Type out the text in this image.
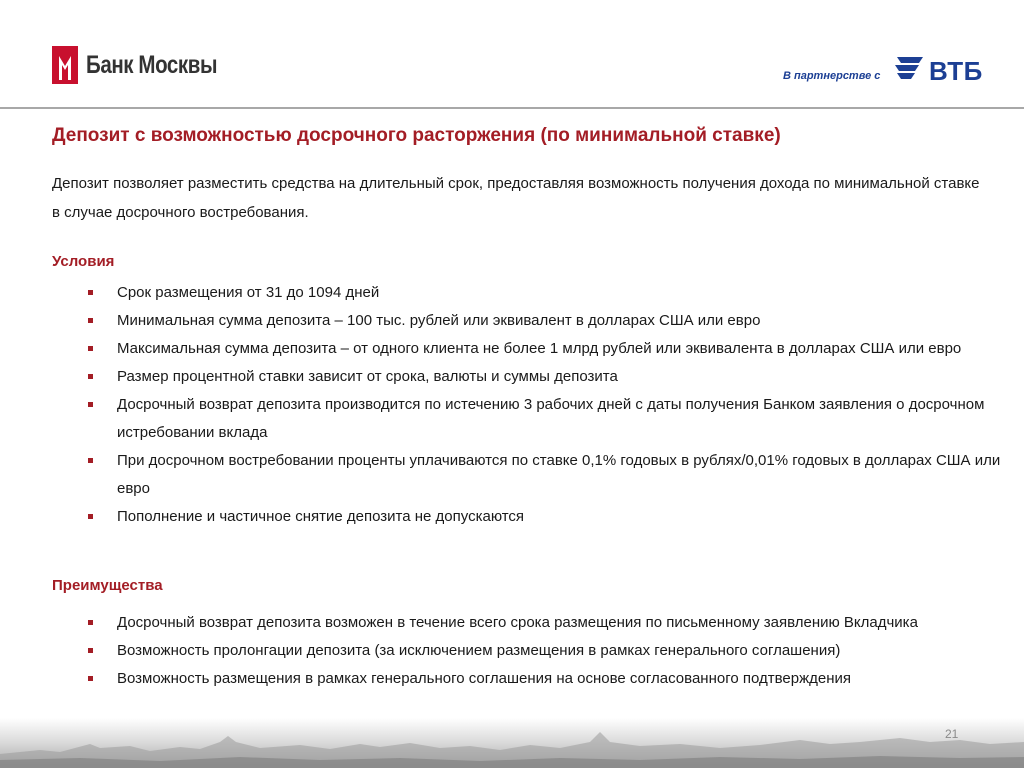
Банк Москвы	В партнерстве с ВТБ
Депозит с возможностью досрочного расторжения (по минимальной ставке)

Депозит позволяет разместить средства на длительный срок, предоставляя возможность получения дохода по минимальной ставке в случае досрочного востребования.

Условия
Срок размещения от 31 до 1094 дней
Минимальная сумма депозита – 100 тыс. рублей или эквивалент в долларах США или евро
Максимальная сумма депозита – от одного клиента не более 1 млрд рублей или эквивалента в долларах США или евро
Размер процентной ставки зависит от срока, валюты и суммы депозита
Досрочный возврат депозита производится по истечению 3 рабочих дней с даты получения Банком заявления о досрочном истребовании вклада
При досрочном востребовании проценты уплачиваются по ставке 0,1% годовых в рублях/0,01% годовых в долларах США или евро
Пополнение и частичное снятие депозита не допускаются
Преимущества
Досрочный возврат депозита возможен в течение всего срока размещения по письменному заявлению Вкладчика
Возможность пролонгации депозита (за исключением размещения в рамках генерального соглашения)
Возможность размещения в рамках генерального соглашения на основе согласованного подтверждения
21
